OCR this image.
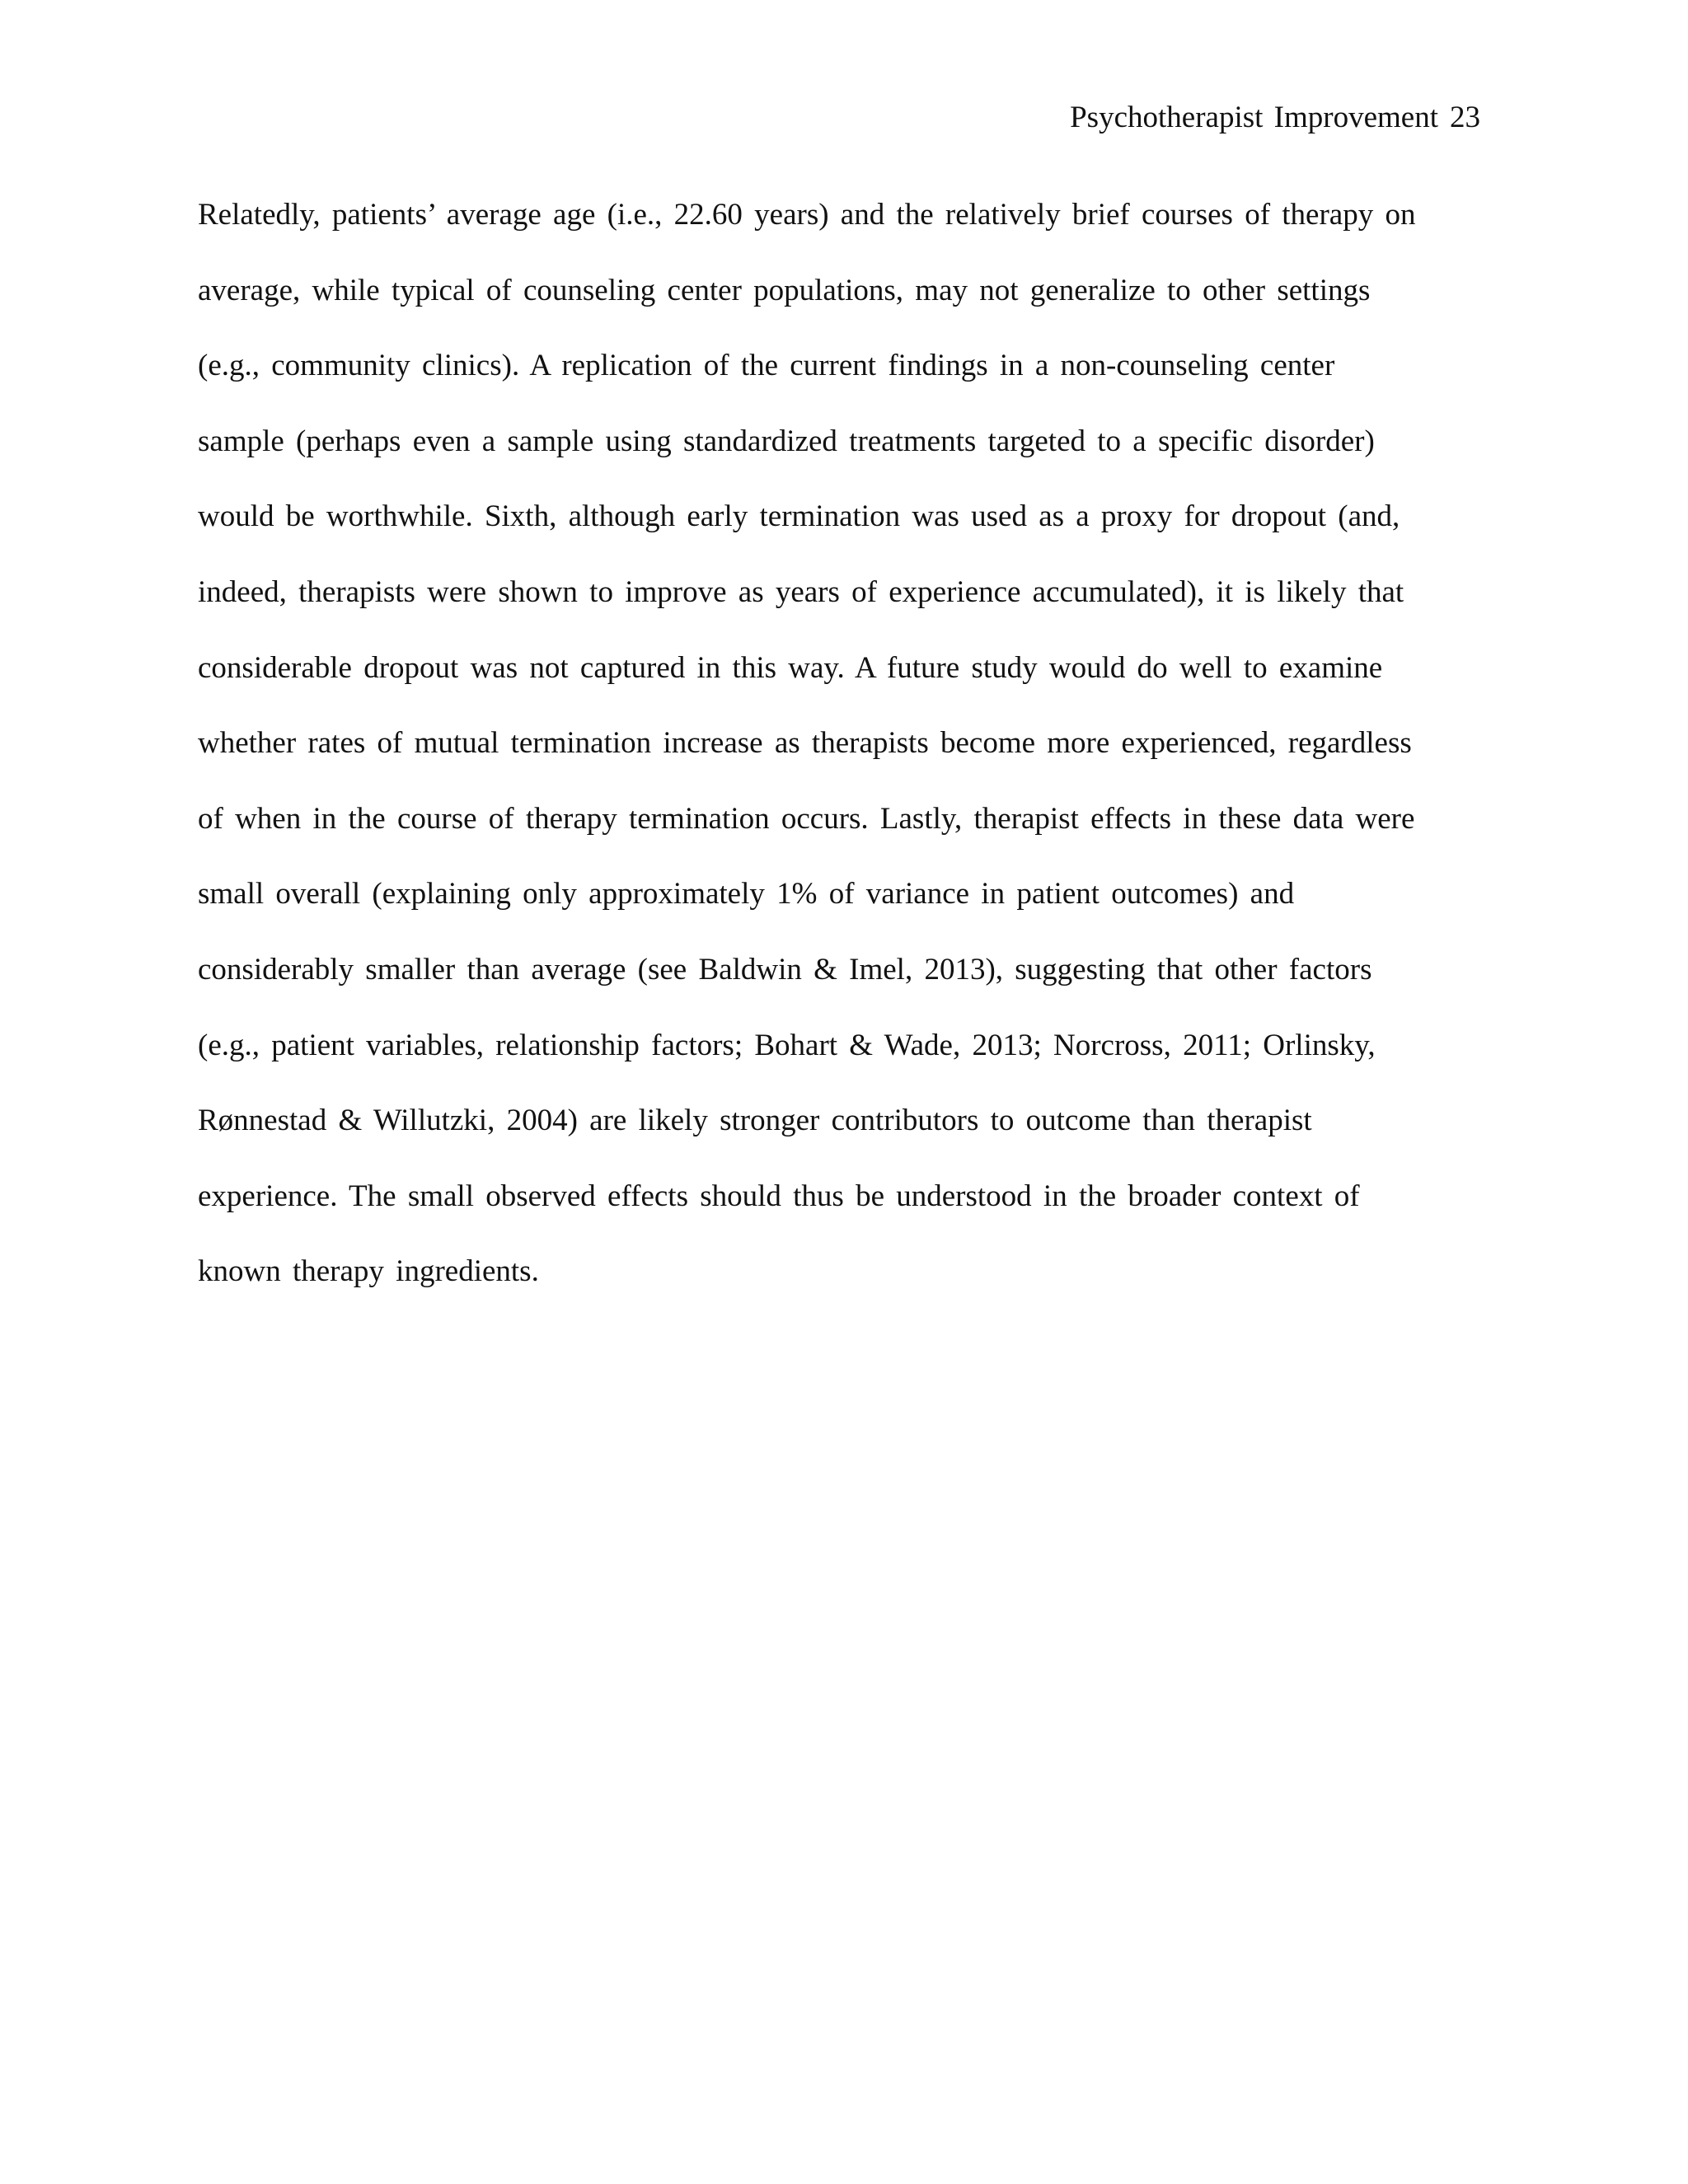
Psychotherapist Improvement 23
Relatedly, patients’ average age (i.e., 22.60 years) and the relatively brief courses of therapy on
average, while typical of counseling center populations, may not generalize to other settings
(e.g., community clinics). A replication of the current findings in a non-counseling center
sample (perhaps even a sample using standardized treatments targeted to a specific disorder)
would be worthwhile. Sixth, although early termination was used as a proxy for dropout (and,
indeed, therapists were shown to improve as years of experience accumulated), it is likely that
considerable dropout was not captured in this way. A future study would do well to examine
whether rates of mutual termination increase as therapists become more experienced, regardless
of when in the course of therapy termination occurs. Lastly, therapist effects in these data were
small overall (explaining only approximately 1% of variance in patient outcomes) and
considerably smaller than average (see Baldwin & Imel, 2013), suggesting that other factors
(e.g., patient variables, relationship factors; Bohart & Wade, 2013; Norcross, 2011; Orlinsky,
Rønnestad & Willutzki, 2004) are likely stronger contributors to outcome than therapist
experience. The small observed effects should thus be understood in the broader context of
known therapy ingredients.
